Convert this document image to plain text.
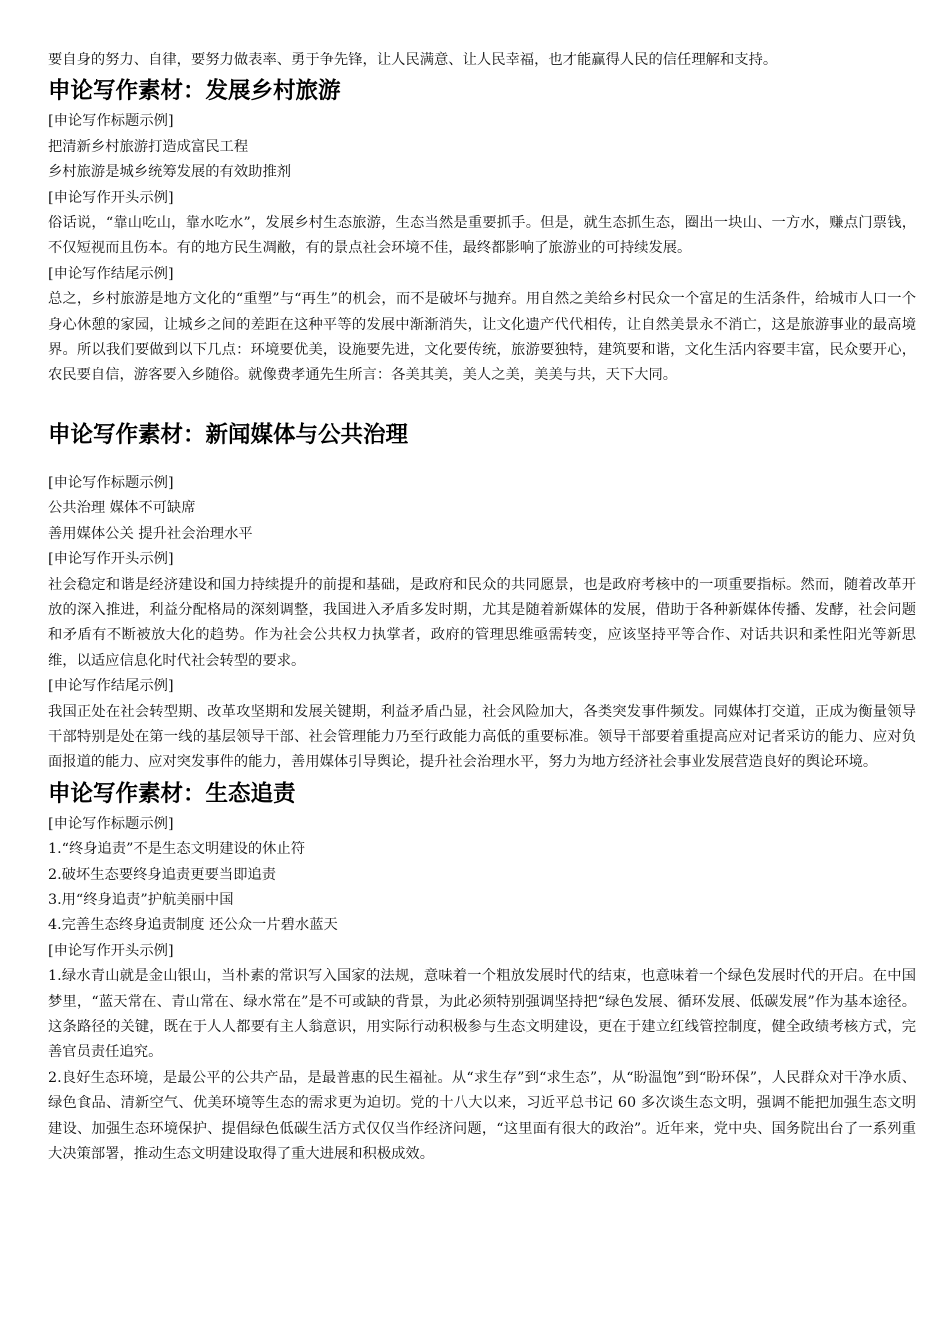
要自身的努力、自律，要努力做表率、勇于争先锋，让人民满意、让人民幸福，也才能赢得人民的信任理解和支持。

申论写作素材：发展乡村旅游

[申论写作标题示例]

把清新乡村旅游打造成富民工程

乡村旅游是城乡统筹发展的有效助推剂

[申论写作开头示例]

俗话说，“靠山吃山，靠水吃水”，发展乡村生态旅游，生态当然是重要抓手。但是，就生态抓生态，圈出一块山、一方水，赚点门票钱，不仅短视而且伤本。有的地方民生凋敝，有的景点社会环境不佳，最终都影响了旅游业的可持续发展。

[申论写作结尾示例]

总之，乡村旅游是地方文化的“重塑”与“再生”的机会，而不是破坏与抛弃。用自然之美给乡村民众一个富足的生活条件，给城市人口一个身心休憩的家园，让城乡之间的差距在这种平等的发展中渐渐消失，让文化遗产代代相传，让自然美景永不消亡，这是旅游事业的最高境界。所以我们要做到以下几点：环境要优美，设施要先进，文化要传统，旅游要独特，建筑要和谐，文化生活内容要丰富，民众要开心，农民要自信，游客要入乡随俗。就像费孝通先生所言：各美其美，美人之美，美美与共，天下大同。

申论写作素材：新闻媒体与公共治理

[申论写作标题示例]

公共治理 媒体不可缺席

善用媒体公关 提升社会治理水平

[申论写作开头示例]

社会稳定和谐是经济建设和国力持续提升的前提和基础，是政府和民众的共同愿景，也是政府考核中的一项重要指标。然而，随着改革开放的深入推进，利益分配格局的深刻调整，我国进入矛盾多发时期，尤其是随着新媒体的发展，借助于各种新媒体传播、发酵，社会问题和矛盾有不断被放大化的趋势。作为社会公共权力执掌者，政府的管理思维亟需转变，应该坚持平等合作、对话共识和柔性阳光等新思维，以适应信息化时代社会转型的要求。

[申论写作结尾示例]

我国正处在社会转型期、改革攻坚期和发展关键期，利益矛盾凸显，社会风险加大，各类突发事件频发。同媒体打交道，正成为衡量领导干部特别是处在第一线的基层领导干部、社会管理能力乃至行政能力高低的重要标准。领导干部要着重提高应对记者采访的能力、应对负面报道的能力、应对突发事件的能力，善用媒体引导舆论，提升社会治理水平，努力为地方经济社会事业发展营造良好的舆论环境。

申论写作素材：生态追责

[申论写作标题示例]

1.“终身追责”不是生态文明建设的休止符

2.破坏生态要终身追责更要当即追责

3.用“终身追责”护航美丽中国

4.完善生态终身追责制度 还公众一片碧水蓝天

[申论写作开头示例]

1.绿水青山就是金山银山，当朴素的常识写入国家的法规，意味着一个粗放发展时代的结束，也意味着一个绿色发展时代的开启。在中国梦里，“蓝天常在、青山常在、绿水常在”是不可或缺的背景，为此必须特别强调坚持把“绿色发展、循环发展、低碳发展”作为基本途径。这条路径的关键，既在于人人都要有主人翁意识，用实际行动积极参与生态文明建设，更在于建立红线管控制度，健全政绩考核方式，完善官员责任追究。

2.良好生态环境，是最公平的公共产品，是最普惠的民生福祉。从“求生存”到“求生态”，从“盼温饱”到“盼环保”，人民群众对干净水质、绿色食品、清新空气、优美环境等生态的需求更为迫切。党的十八大以来，习近平总书记 60 多次谈生态文明，强调不能把加强生态文明建设、加强生态环境保护、提倡绿色低碳生活方式仅仅当作经济问题，“这里面有很大的政治”。近年来，党中央、国务院出台了一系列重大决策部署，推动生态文明建设取得了重大进展和积极成效。
